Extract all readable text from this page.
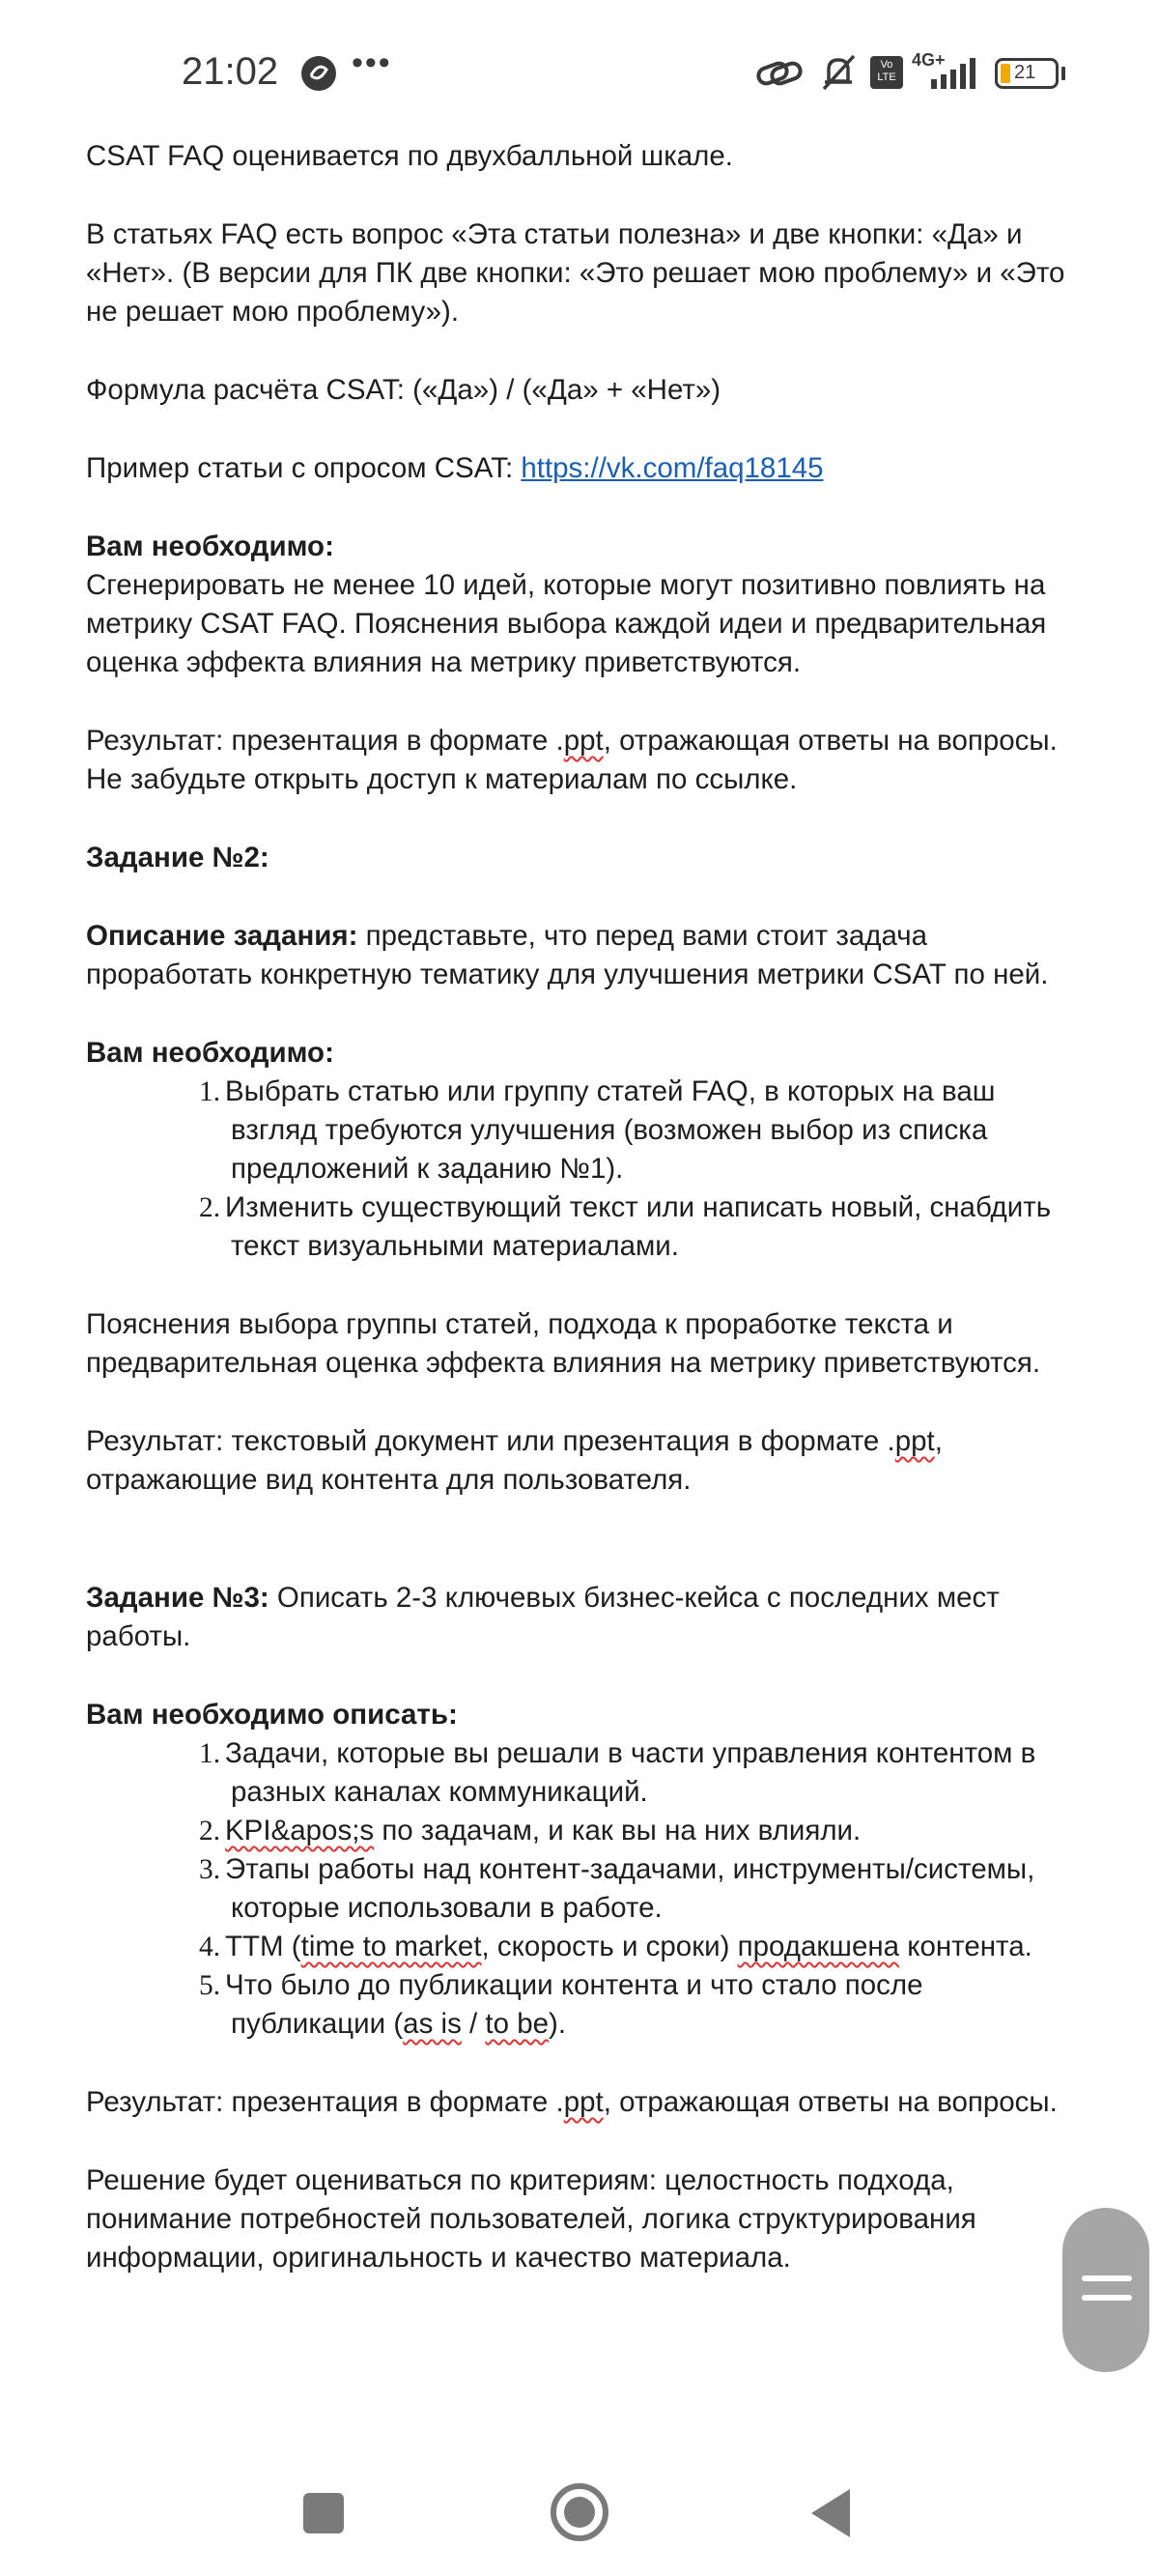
21:02 •••	Vo LTE
4G+
21

CSAT FAQ оценивается по двухбалльной шкале.

В статьях FAQ есть вопрос «Эта статьи полезна» и две кнопки: «Да» и «Нет». (В версии для ПК две кнопки: «Это решает мою проблему» и «Это не решает мою проблему»).

Формула расчёта CSAT: («Да») / («Да» + «Нет»)

Пример статьи с опросом CSAT: https://vk.com/faq18145

Вам необходимо:
Сгенерировать не менее 10 идей, которые могут позитивно повлиять на метрику CSAT FAQ. Пояснения выбора каждой идеи и предварительная оценка эффекта влияния на метрику приветствуются.

Результат: презентация в формате .ppt, отражающая ответы на вопросы.
Не забудьте открыть доступ к материалам по ссылке.

Задание №2:

Описание задания: представьте, что перед вами стоит задача проработать конкретную тематику для улучшения метрики CSAT по ней.

Вам необходимо:

1. Выбрать статью или группу статей FAQ, в которых на ваш взгляд требуются улучшения (возможен выбор из списка предложений к заданию №1).
2. Изменить существующий текст или написать новый, снабдить текст визуальными материалами.

Пояснения выбора группы статей, подхода к проработке текста и предварительная оценка эффекта влияния на метрику приветствуются.

Результат: текстовый документ или презентация в формате .ppt, отражающие вид контента для пользователя.

Задание №3: Описать 2-3 ключевых бизнес-кейса с последних мест работы.

Вам необходимо описать:

1. Задачи, которые вы решали в части управления контентом в разных каналах коммуникаций.
2. KPI&apos;s по задачам, и как вы на них влияли.
3. Этапы работы над контент-задачами, инструменты/системы, которые использовали в работе.
4. TTM (time to market, скорость и сроки) продакшена контента.
5. Что было до публикации контента и что стало после публикации (as is / to be).

Результат: презентация в формате .ppt, отражающая ответы на вопросы.

Решение будет оцениваться по критериям: целостность подхода, понимание потребностей пользователей, логика структурирования информации, оригинальность и качество материала.
